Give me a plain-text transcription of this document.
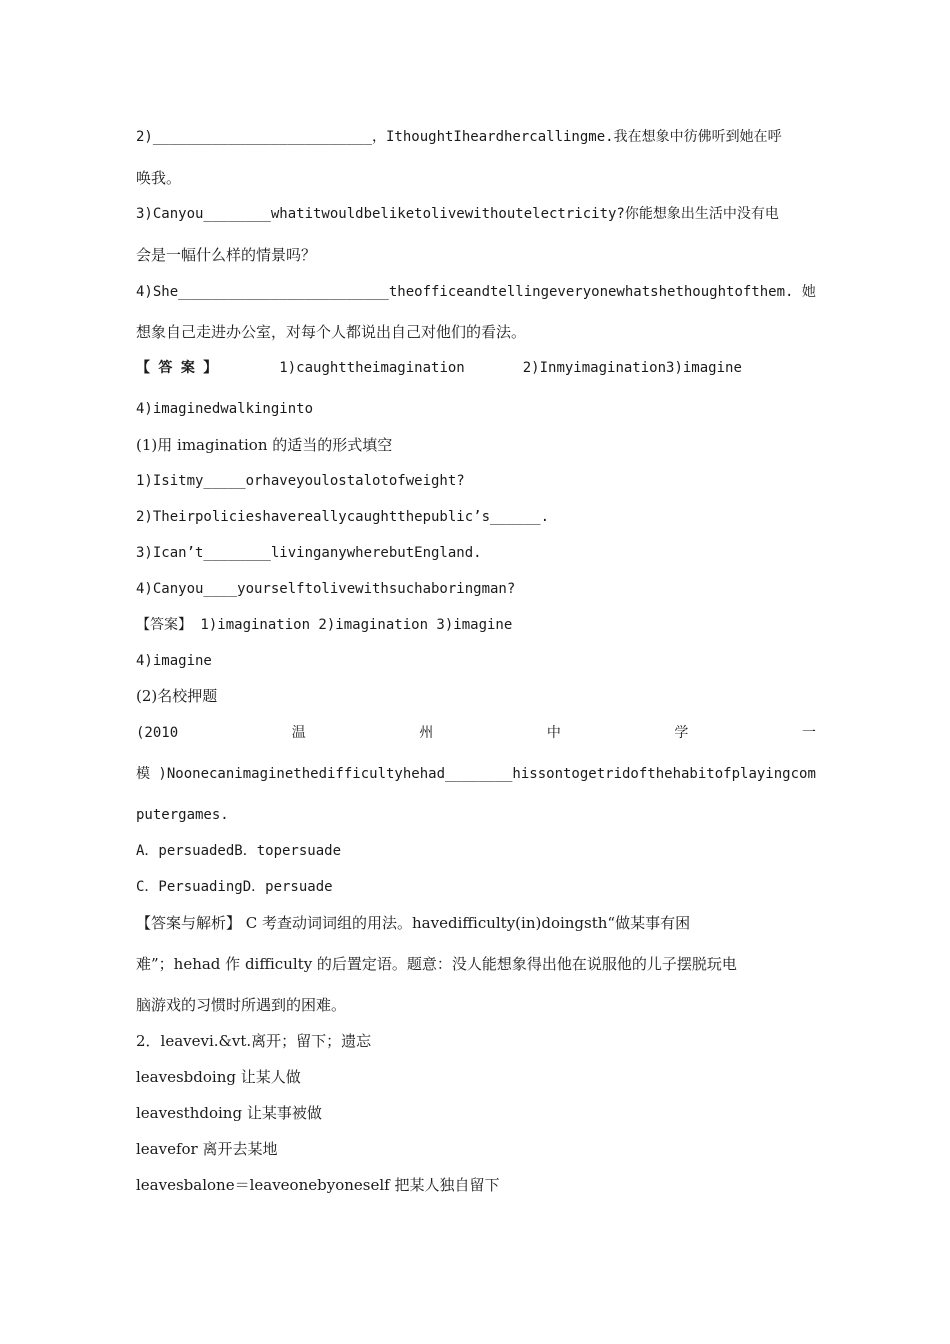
2)__________________________，IthoughtIheardhercallingme.我在想象中彷佛听到她在呼
唤我。
3)Canyou________whatitwouldbeliketolivewithoutelectricity?你能想象出生活中没有电
会是一幅什么样的情景吗？
4)She_________________________theofficeandtellingeveryonewhatshethoughtofthem. 她
想象自己走进办公室，对每个人都说出自己对他们的看法。
【 答 案 】	1)caughttheimagination	2)Inmyimagination3)imagine
4)imaginedwalkinginto
(1)用 imagination 的适当的形式填空
1)Isitmy_____orhaveyoulostalotofweight?
2)Theirpolicieshavereallycaughtthepublic’s______.
3)Ican’t________livinganywherebutEngland.
4)Canyou____yourselftolivewithsuchaboringman?
【答案】 1)imagination 2)imagination 3)imagine
4)imagine
(2)名校押题
(2010	温	州	中	学	一
模 )Noonecanimaginethedifficultyhehad________hissontogetridofthehabitofplayingcom
putergames.
A．persuadedB．topersuade
C．PersuadingD．persuade
【答案与解析】 C 考查动词词组的用法。havedifficulty(in)doingsth“做某事有困
难”；hehad 作 difficulty 的后置定语。题意：没人能想象得出他在说服他的儿子摆脱玩电
脑游戏的习惯时所遇到的困难。
2．leavevi.&vt.离开；留下；遗忘
leavesbdoing 让某人做
leavesthdoing 让某事被做
leavefor 离开去某地
leavesbalone＝leaveonebyoneself 把某人独自留下
